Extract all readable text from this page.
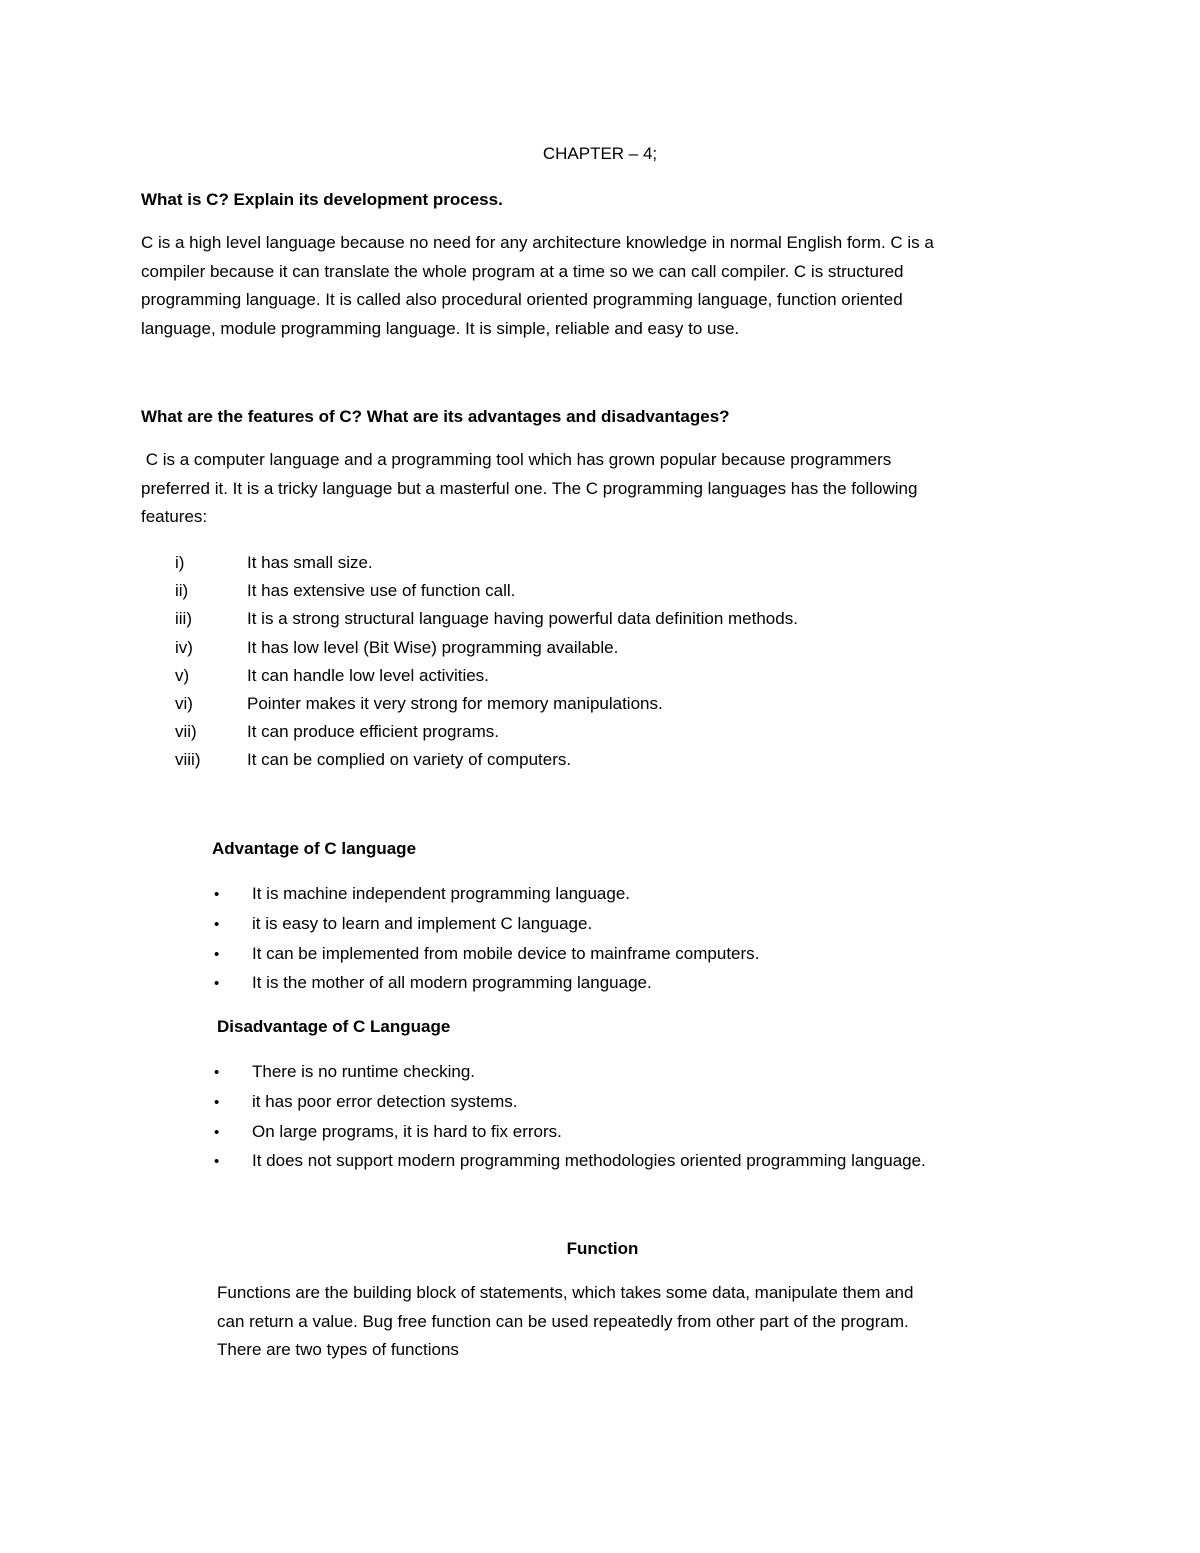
CHAPTER – 4;
What is C? Explain its development process.
C is a high level language because no need for any architecture knowledge in normal English form. C is a
compiler because it can translate the whole program at a time so we can call compiler. C is structured
programming language. It is called also procedural oriented programming language, function oriented
language, module programming language. It is simple, reliable and easy to use.
What are the features of C? What are its advantages and disadvantages?
C is a computer language and a programming tool which has grown popular because programmers
preferred it. It is a tricky language but a masterful one. The C programming languages has the following
features:
i)	It has small size.
ii)	It has extensive use of function call.
iii)	It is a strong structural language having powerful data definition methods.
iv)	It has low level (Bit Wise) programming available.
v)	It can handle low level activities.
vi)	Pointer makes it very strong for memory manipulations.
vii)	It can produce efficient programs.
viii)	It can be complied on variety of computers.
Advantage of C language
• It is machine independent programming language.
• it is easy to learn and implement C language.
• It can be implemented from mobile device to mainframe computers.
• It is the mother of all modern programming language.
Disadvantage of C Language
• There is no runtime checking.
• it has poor error detection systems.
• On large programs, it is hard to fix errors.
• It does not support modern programming methodologies oriented programming language.
Function
Functions are the building block of statements, which takes some data, manipulate them and
can return a value. Bug free function can be used repeatedly from other part of the program.
There are two types of functions
